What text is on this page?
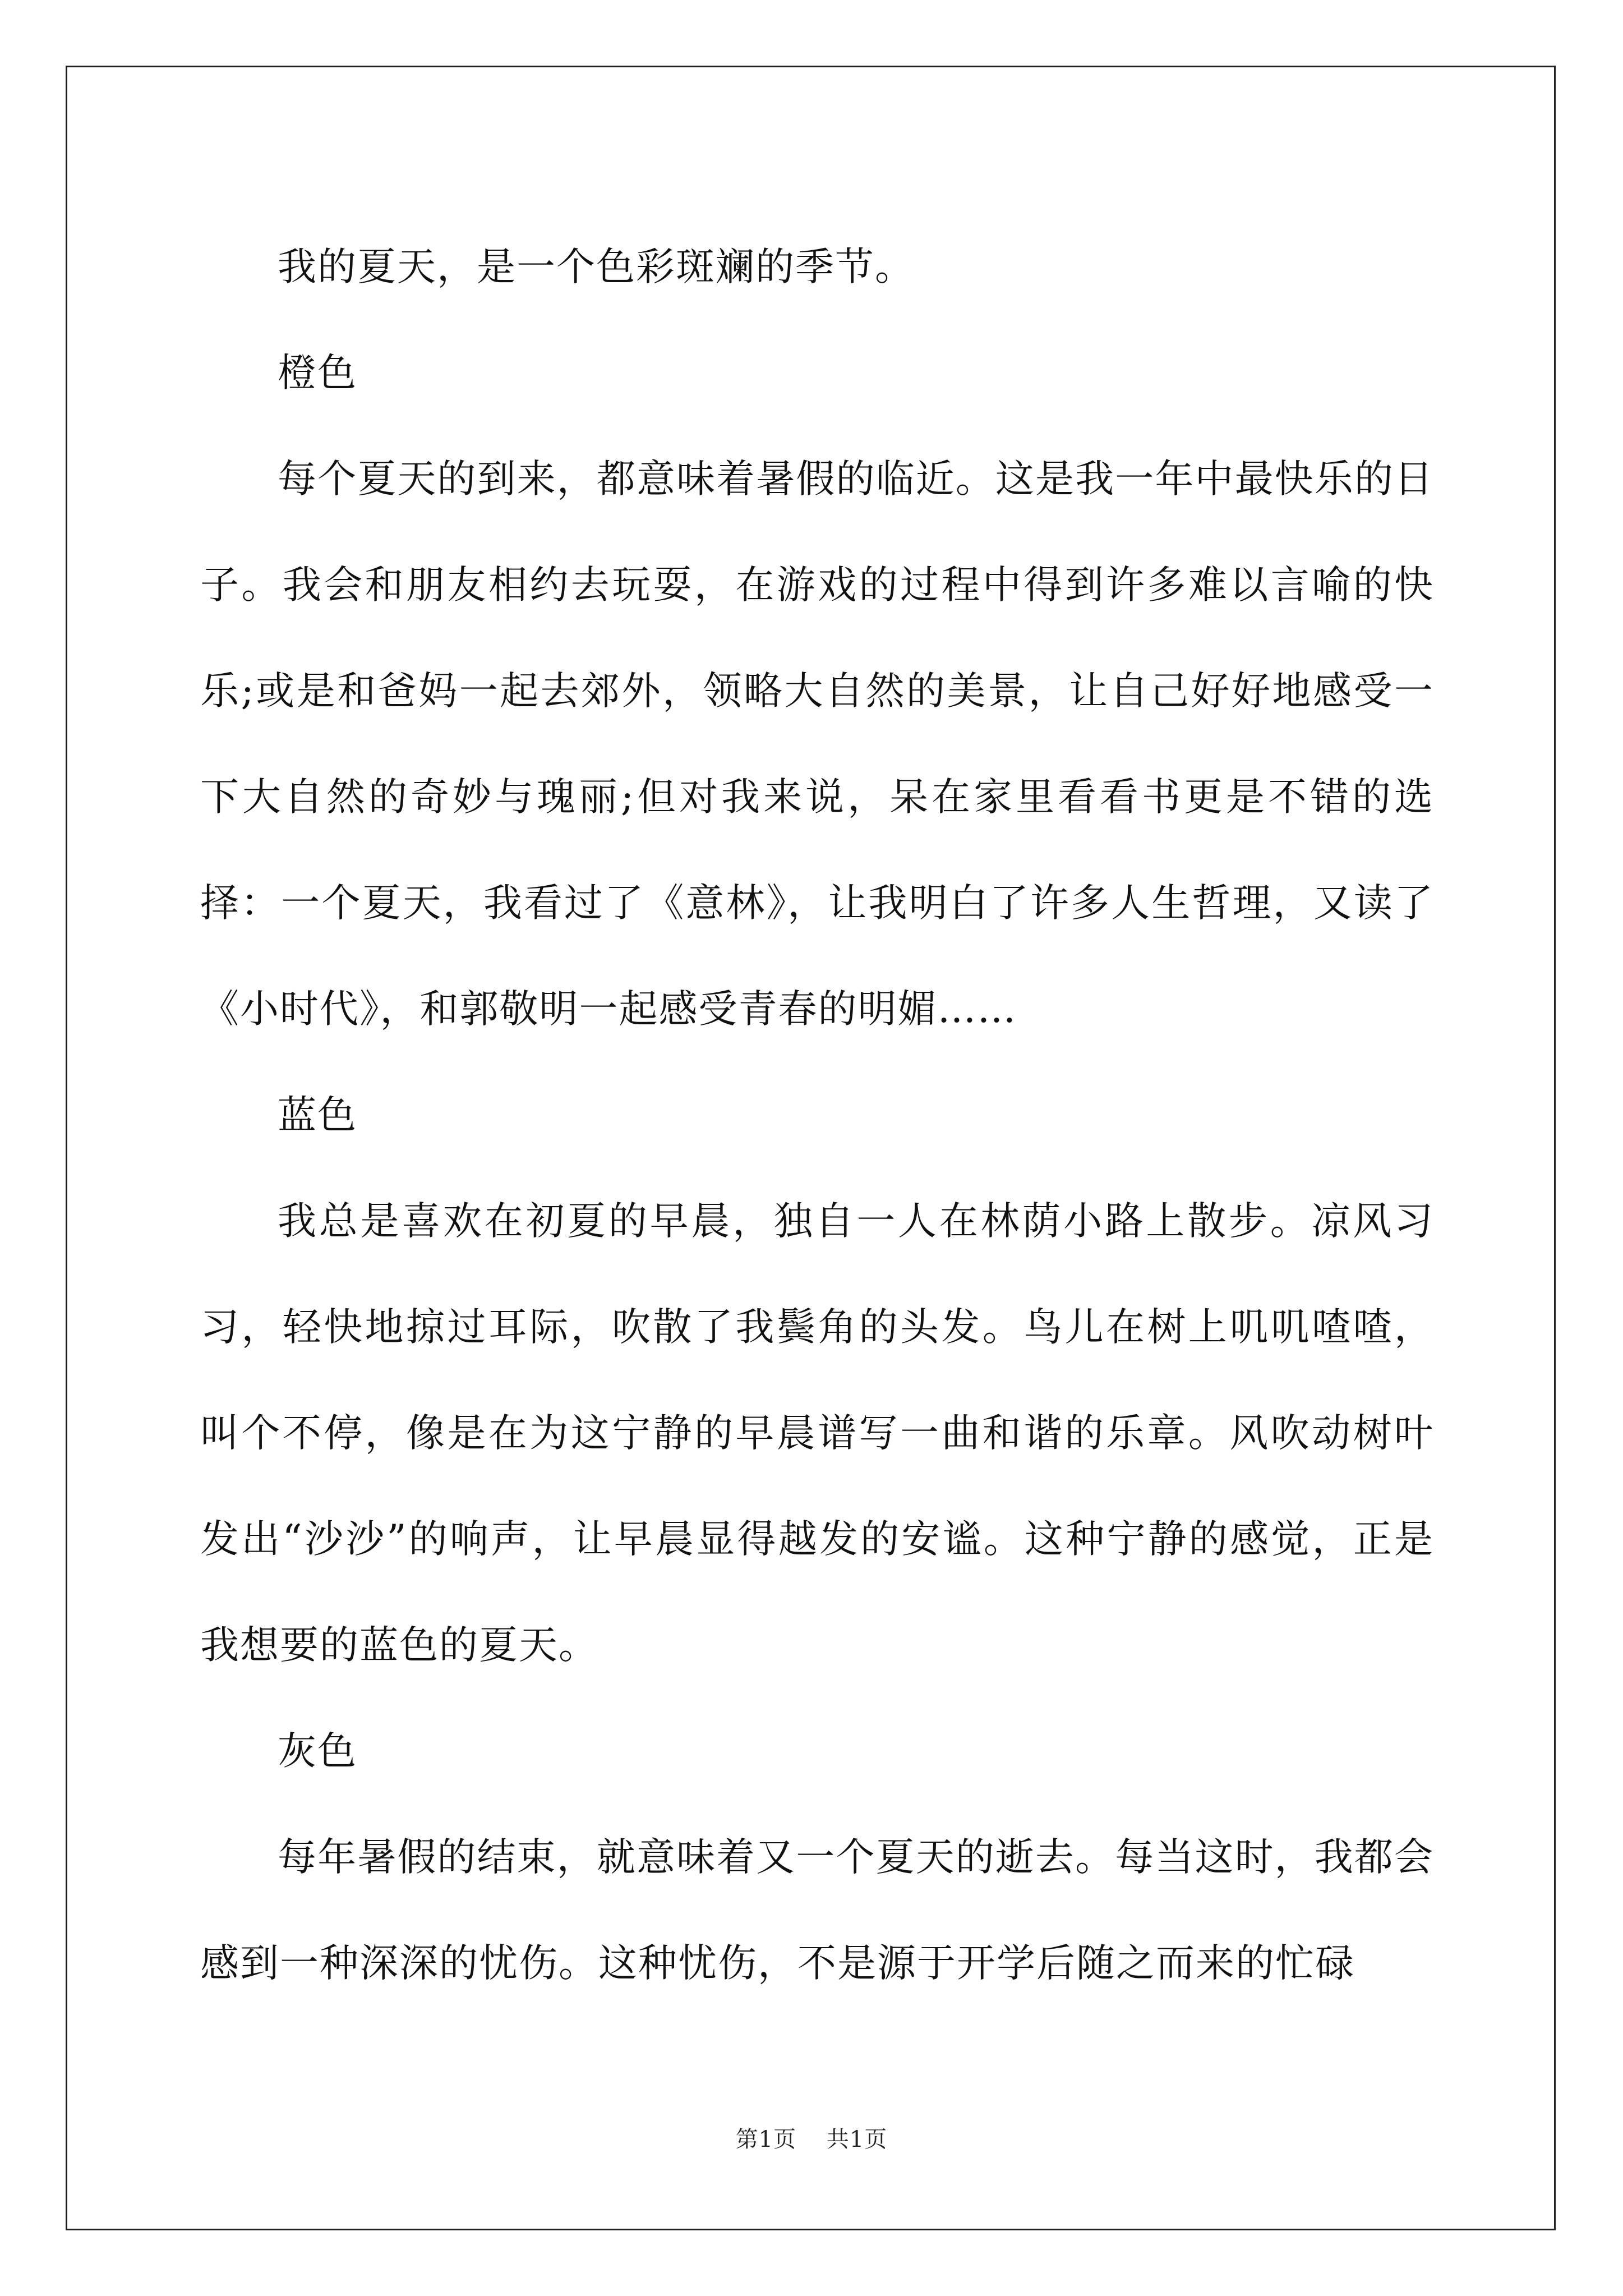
我的夏天，是一个色彩斑斓的季节。

橙色

每个夏天的到来，都意味着暑假的临近。这是我一年中最快乐的日子。我会和朋友相约去玩耍，在游戏的过程中得到许多难以言喻的快乐;或是和爸妈一起去郊外，领略大自然的美景，让自己好好地感受一下大自然的奇妙与瑰丽;但对我来说，呆在家里看看书更是不错的选择：一个夏天，我看过了《意林》，让我明白了许多人生哲理，又读了《小时代》，和郭敬明一起感受青春的明媚……

蓝色

我总是喜欢在初夏的早晨，独自一人在林荫小路上散步。凉风习习，轻快地掠过耳际，吹散了我鬓角的头发。鸟儿在树上叽叽喳喳，叫个不停，像是在为这宁静的早晨谱写一曲和谐的乐章。风吹动树叶发出“沙沙”的响声，让早晨显得越发的安谧。这种宁静的感觉，正是我想要的蓝色的夏天。

灰色

每年暑假的结束，就意味着又一个夏天的逝去。每当这时，我都会感到一种深深的忧伤。这种忧伤，不是源于开学后随之而来的忙碌

第1页 共1页
